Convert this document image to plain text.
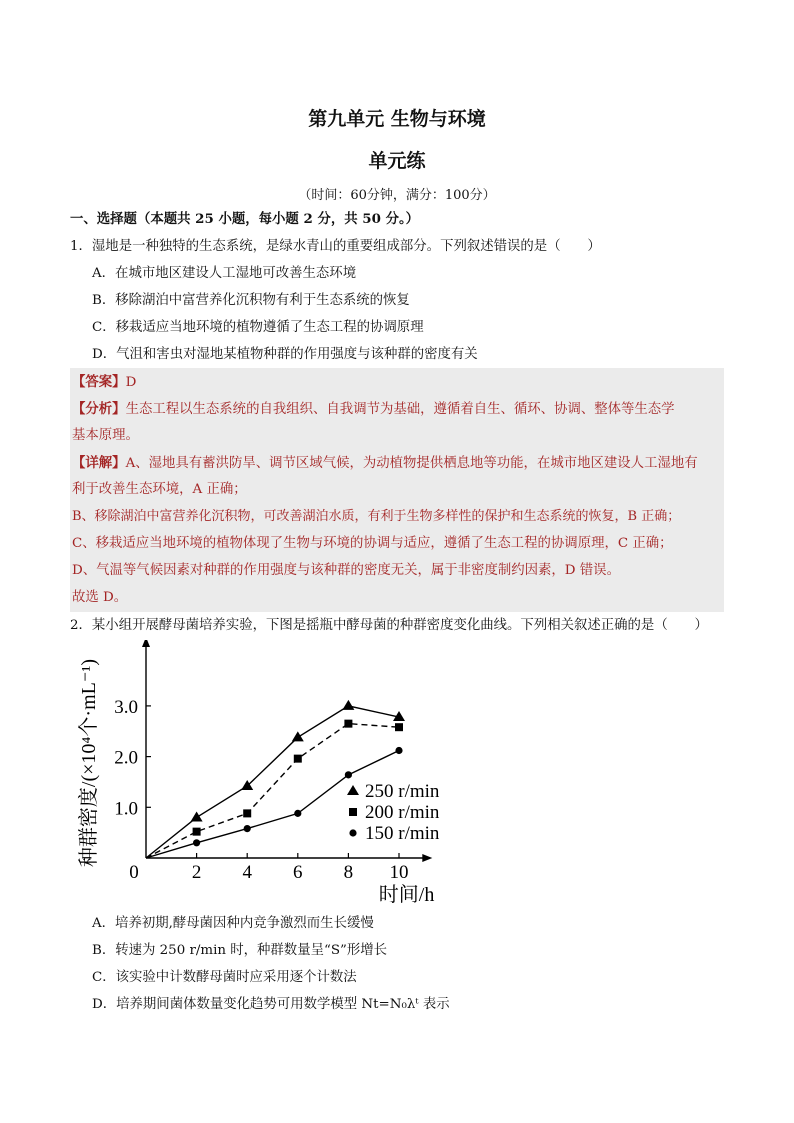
第九单元 生物与环境
单元练
（时间：60分钟，满分：100分）
一、选择题（本题共 25 小题，每小题 2 分，共 50 分。）
1．湿地是一种独特的生态系统，是绿水青山的重要组成部分。下列叙述错误的是（　　）
A．在城市地区建设人工湿地可改善生态环境
B．移除湖泊中富营养化沉积物有利于生态系统的恢复
C．移栽适应当地环境的植物遵循了生态工程的协调原理
D．气沮和害虫对湿地某植物种群的作用强度与该种群的密度有关
【答案】D
【分析】生态工程以生态系统的自我组织、自我调节为基础，遵循着自生、循环、协调、整体等生态学
基本原理。
【详解】A、湿地具有蓄洪防旱、调节区域气候，为动植物提供栖息地等功能，在城市地区建设人工湿地有
利于改善生态环境，A 正确；
B、移除湖泊中富营养化沉积物，可改善湖泊水质，有利于生物多样性的保护和生态系统的恢复，B 正确；
C、移栽适应当地环境的植物体现了生物与环境的协调与适应，遵循了生态工程的协调原理，C 正确；
D、气温等气候因素对种群的作用强度与该种群的密度无关，属于非密度制约因素，D 错误。
故选 D。
2．某小组开展酵母菌培养实验，下图是摇瓶中酵母菌的种群密度变化曲线。下列相关叙述正确的是（　　）
2 4 6 8 10
1.0
2.0
3.0
0
时间/h
种群密度/(×10⁴个·mL⁻¹)	250 r/min
200 r/min
150 r/min
A．培养初期,酵母菌因种内竞争激烈而生长缓慢
B．转速为 250 r/min 时，种群数量呈“S”形增长
C．该实验中计数酵母菌时应采用逐个计数法
D．培养期间菌体数量变化趋势可用数学模型 Nt=N₀λᵗ 表示
